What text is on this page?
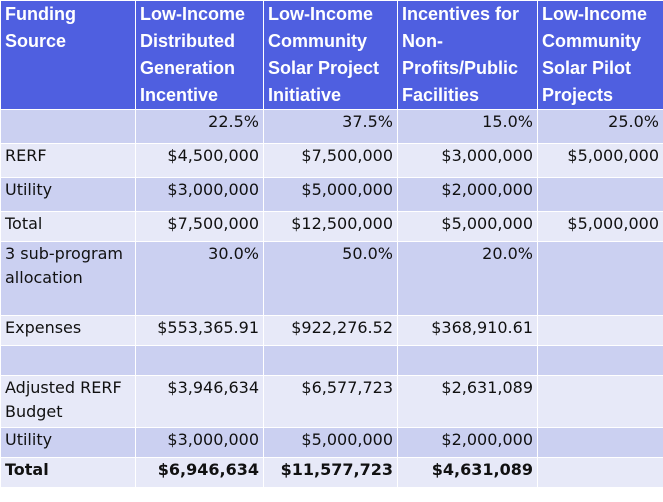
Funding Source	Low-Income Distributed Generation Incentive	Low-Income Community Solar Project Initiative	Incentives for Non-Profits/Public Facilities	Low-Income Community Solar Pilot Projects
	22.5%	37.5%	15.0%	25.0%
RERF	$4,500,000	$7,500,000	$3,000,000	$5,000,000
Utility	$3,000,000	$5,000,000	$2,000,000	
Total	$7,500,000	$12,500,000	$5,000,000	$5,000,000
3 sub-program allocation	30.0%	50.0%	20.0%	
Expenses	$553,365.91	$922,276.52	$368,910.61	

Adjusted RERF Budget	$3,946,634	$6,577,723	$2,631,089	
Utility	$3,000,000	$5,000,000	$2,000,000	
Total	$6,946,634	$11,577,723	$4,631,089	
